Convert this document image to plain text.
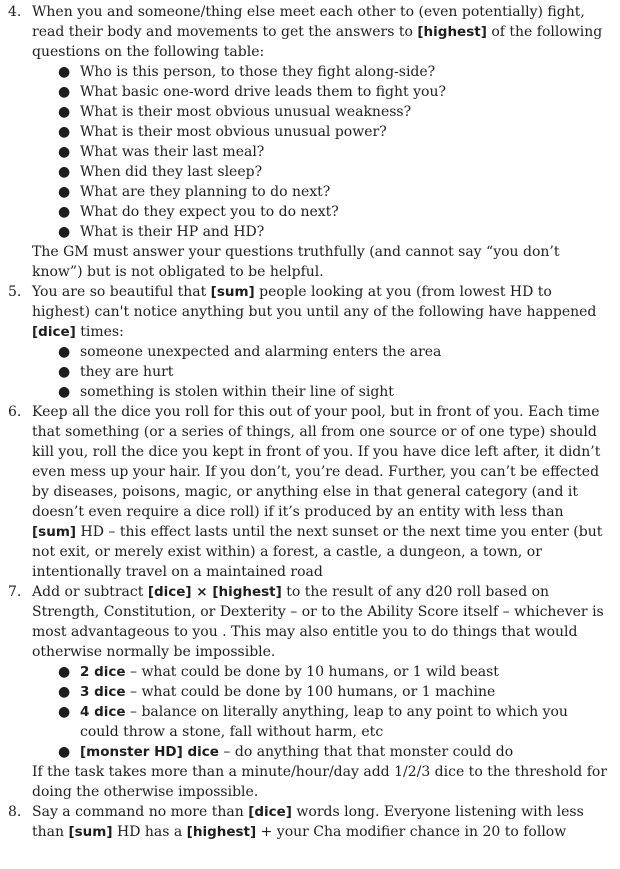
4. When you and someone/thing else meet each other to (even potentially) fight, read their body and movements to get the answers to [highest] of the following questions on the following table:
● Who is this person, to those they fight along-side?
● What basic one-word drive leads them to fight you?
● What is their most obvious unusual weakness?
● What is their most obvious unusual power?
● What was their last meal?
● When did they last sleep?
● What are they planning to do next?
● What do they expect you to do next?
● What is their HP and HD?
The GM must answer your questions truthfully (and cannot say “you don’t know”) but is not obligated to be helpful.
5. You are so beautiful that [sum] people looking at you (from lowest HD to highest) can't notice anything but you until any of the following have happened [dice] times:
● someone unexpected and alarming enters the area
● they are hurt
● something is stolen within their line of sight
6. Keep all the dice you roll for this out of your pool, but in front of you. Each time that something (or a series of things, all from one source or of one type) should kill you, roll the dice you kept in front of you. If you have dice left after, it didn’t even mess up your hair. If you don’t, you’re dead. Further, you can’t be effected by diseases, poisons, magic, or anything else in that general category (and it doesn’t even require a dice roll) if it’s produced by an entity with less than [sum] HD – this effect lasts until the next sunset or the next time you enter (but not exit, or merely exist within) a forest, a castle, a dungeon, a town, or intentionally travel on a maintained road
7. Add or subtract [dice] × [highest] to the result of any d20 roll based on Strength, Constitution, or Dexterity – or to the Ability Score itself – whichever is most advantageous to you . This may also entitle you to do things that would otherwise normally be impossible.
● 2 dice – what could be done by 10 humans, or 1 wild beast
● 3 dice – what could be done by 100 humans, or 1 machine
● 4 dice – balance on literally anything, leap to any point to which you could throw a stone, fall without harm, etc
● [monster HD] dice – do anything that that monster could do
If the task takes more than a minute/hour/day add 1/2/3 dice to the threshold for doing the otherwise impossible.
8. Say a command no more than [dice] words long. Everyone listening with less than [sum] HD has a [highest] + your Cha modifier chance in 20 to follow
